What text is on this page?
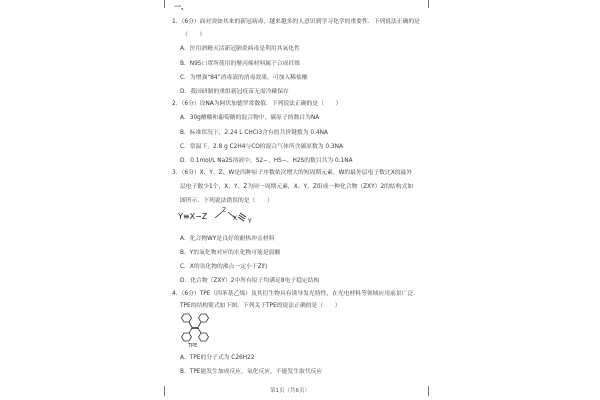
一、
1．（6分）面对突如其来的新冠病毒，越来越多的人意识到学习化学的重要性．下列说法正确的是
（　　）
A．医用酒精灭活新冠肺炎病毒是利用其氧化性
B．N95口罩所使用的聚丙烯材料属于合成纤维
C．为增强“84”消毒液的消毒效果，可加入稀盐酸
D．我国研制的重组新冠疫苗无需冷藏保存
2．（6分）设NA为阿伏加德罗常数值．下列说法正确的是（　　）
A．30g醋酸和葡萄糖的混合物中，碳原子的数目为NA
B．标准状况下，2.24 L CHCl3含有的共价键数为 0.4NA
C．常温下，2.8 g C2H4与CO的混合气体所含碳原数为 0.3NA
D．0.1mol/L Na2S溶液中，S2−、HS−、H2S的数目共为 0.1NA
3．（6分）X、Y、Z、W是四种原子序数依次增大的短周期元素，W的最外层电子数比X的最外
层电子数少1个，X、Y、Z为同一周期元素，X、Y、Z组成一种化合物（ZXY）2的结构式如
图所示．下列说法错误的是（　　）
Y≡X−Z
Z
X Y
A．化合物WY是良好的耐热冲击材料
B．Y的氧化物对应的水化物可能是弱酸
C．X的氢化物的沸点一定小于Z的
D．化合物（ZXY）2中所有原子均满足8电子稳定结构
4．（6分）TPE（四苯基乙烯）及其衍生物具有诱导发光特性，在光电材料等领域应用前景广泛．
TPE的结构简式如下图，下列关于TPE的说法正确的是（　　）
TPE
A．TPE的分子式为 C26H22
B．TPE能发生加成反应，氧化反应，不能发生取代反应
第1页（共6页）
